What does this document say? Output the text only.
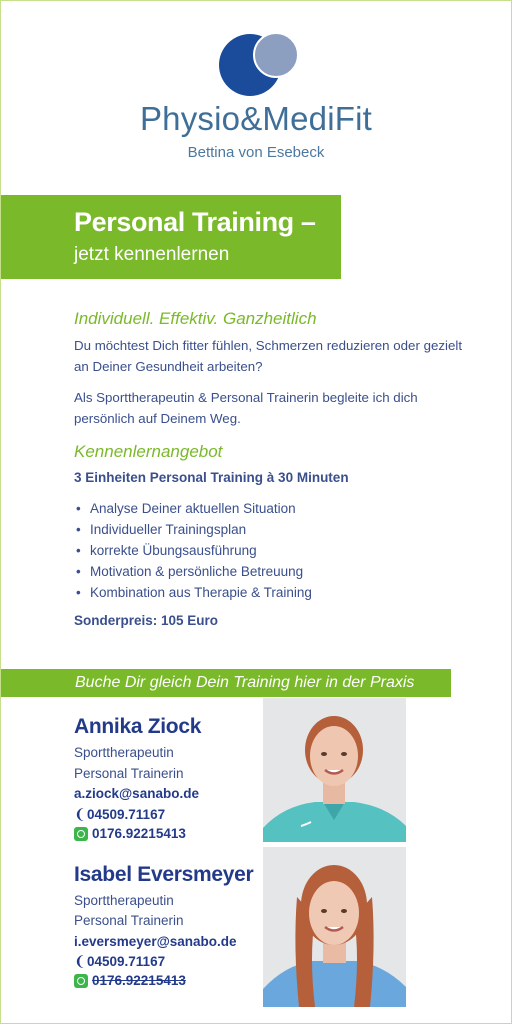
Physio&MediFit
Bettina von Esebeck
Personal Training –
jetzt kennenlernen
Individuell. Effektiv. Ganzheitlich
Du möchtest Dich fitter fühlen, Schmerzen reduzieren oder gezielt an Deiner Gesundheit arbeiten?
Als Sporttherapeutin & Personal Trainerin begleite ich dich persönlich auf Deinem Weg.
Kennenlernangebot
3 Einheiten Personal Training à 30 Minuten
• Analyse Deiner aktuellen Situation
• Individueller Trainingsplan
• korrekte Übungsausführung
• Motivation & persönliche Betreuung
• Kombination aus Therapie & Training
Sonderpreis: 105 Euro
Buche Dir gleich Dein Training hier in der Praxis
Annika Ziock
Sporttherapeutin
Personal Trainerin
a.ziock@sanabo.de
❨ 04509.71167
0176.92215413
Isabel Eversmeyer
Sporttherapeutin
Personal Trainerin
i.eversmeyer@sanabo.de
❨ 04509.71167
0176.92215413
